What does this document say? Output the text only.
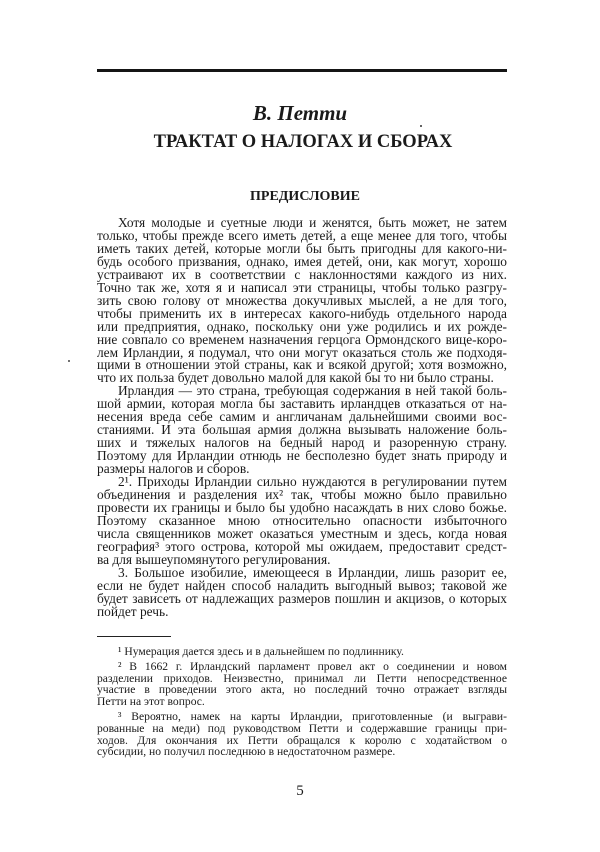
В. Петти
ТРАКТАТ О НАЛОГАХ И СБОРАХ
ПРЕДИСЛОВИЕ
Хотя молодые и суетные люди и женятся, быть может, не затем
только, чтобы прежде всего иметь детей, а еще менее для того, чтобы
иметь таких детей, которые могли бы быть пригодны для какого-ни-
будь особого призвания, однако, имея детей, они, как могут, хорошо
устраивают их в соответствии с наклонностями каждого из них.
Точно так же, хотя я и написал эти страницы, чтобы только разгру-
зить свою голову от множества докучливых мыслей, а не для того,
чтобы применить их в интересах какого-нибудь отдельного народа
или предприятия, однако, поскольку они уже родились и их рожде-
ние совпало со временем назначения герцога Ормондского вице-коро-
лем Ирландии, я подумал, что они могут оказаться столь же подходя-
щими в отношении этой страны, как и всякой другой; хотя возможно,
что их польза будет довольно малой для какой бы то ни было страны.
Ирландия — это страна, требующая содержания в ней такой боль-
шой армии, которая могла бы заставить ирландцев отказаться от на-
несения вреда себе самим и англичанам дальнейшими своими вос-
станиями. И эта большая армия должна вызывать наложение боль-
ших и тяжелых налогов на бедный народ и разоренную страну.
Поэтому для Ирландии отнюдь не бесполезно будет знать природу и
размеры налогов и сборов.
2¹. Приходы Ирландии сильно нуждаются в регулировании путем
объединения и разделения их² так, чтобы можно было правильно
провести их границы и было бы удобно насаждать в них слово божье.
Поэтому сказанное мною относительно опасности избыточного
числа священников может оказаться уместным и здесь, когда новая
география³ этого острова, которой мы ожидаем, предоставит средст-
ва для вышеупомянутого регулирования.
3. Большое изобилие, имеющееся в Ирландии, лишь разорит ее,
если не будет найден способ наладить выгодный вывоз; таковой же
будет зависеть от надлежащих размеров пошлин и акцизов, о которых
пойдет речь.
¹ Нумерация дается здесь и в дальнейшем по подлиннику.
² В 1662 г. Ирландский парламент провел акт о соединении и новом
разделении приходов. Неизвестно, принимал ли Петти непосредственное
участие в проведении этого акта, но последний точно отражает взгляды
Петти на этот вопрос.
³ Вероятно, намек на карты Ирландии, приготовленные (и выграви-
рованные на меди) под руководством Петти и содержавшие границы при-
ходов. Для окончания их Петти обращался к королю с ходатайством о
субсидии, но получил последнюю в недостаточном размере.
5
